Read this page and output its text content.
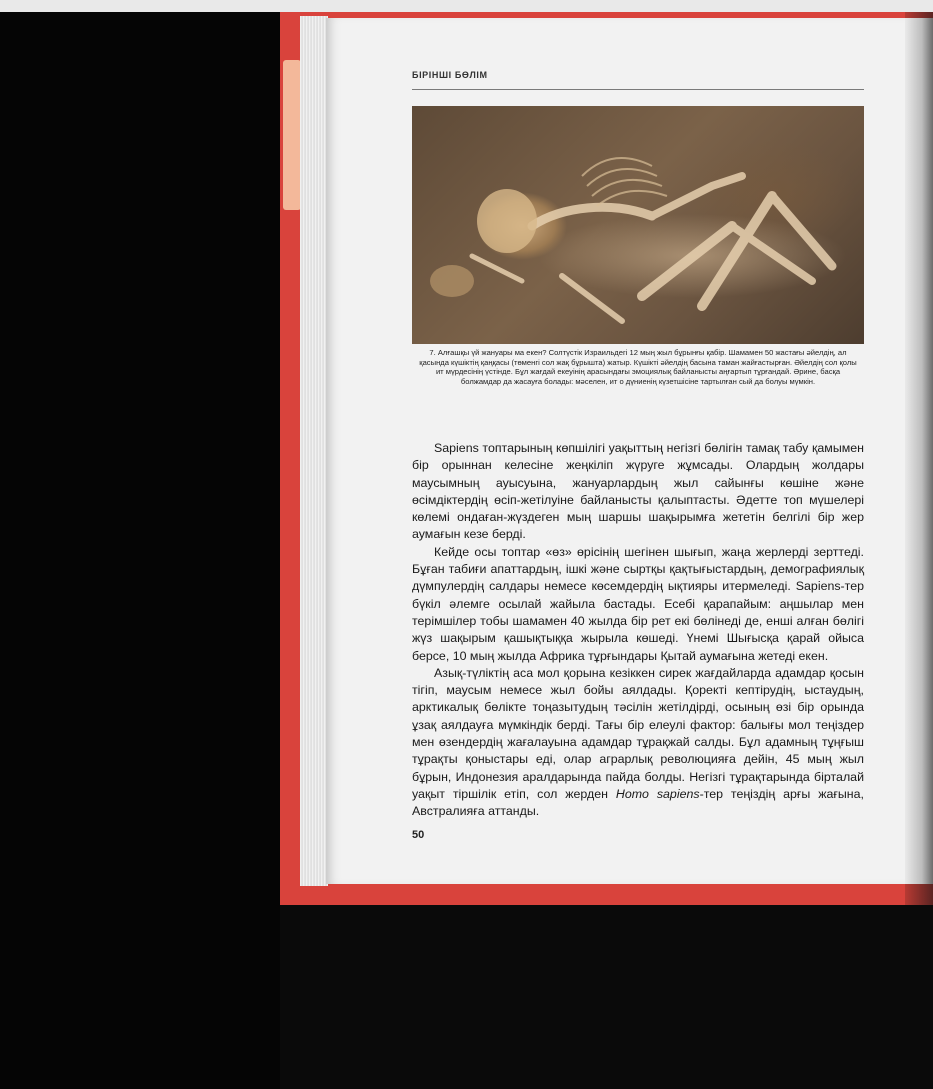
БІРІНШІ БӨЛІМ
7. Алғашқы үй жануары ма екен? Солтүстік Израильдегі 12 мың жыл бұрынғы қабір. Шамамен 50 жастағы әйелдің, ал қасында күшіктің қаңқасы (төменгі сол жақ бұрышта) жатыр. Күшікті әйелдің басына таман жайғастырған. Әйелдің сол қолы ит мүрдесінің үстінде. Бұл жағдай екеуінің арасындағы эмоциялық байланысты аңғартып тұрғандай. Әрине, басқа болжамдар да жасауға болады: мәселен, ит о дүниенің күзетшісіне тартылған сый да болуы мүмкін.

Sapiens топтарының көпшілігі уақыттың негізгі бөлігін тамақ табу қамымен бір орыннан келесіне жеңкіліп жүруге жұмсады. Олардың жолдары маусымның ауысуына, жануарлардың жыл сайынғы көшіне және өсімдіктердің өсіп-жетілуіне байланысты қалыптасты. Әдетте топ мүшелері көлемі ондаған-жүздеген мың шаршы шақырымға жететін белгілі бір жер аумағын кезе берді.

Кейде осы топтар «өз» өрісінің шегінен шығып, жаңа жерлерді зерттеді. Бұған табиғи апаттардың, ішкі және сыртқы қақтығыстардың, демографиялық дүмпулердің салдары немесе көсемдердің ықтияры итермеледі. Sapiens-тер бүкіл әлемге осылай жайыла бастады. Есебі қарапайым: аңшылар мен терімшілер тобы шамамен 40 жылда бір рет екі бөлінеді де, енші алған бөлігі жүз шақырым қашықтыққа жырыла көшеді. Үнемі Шығысқа қарай ойыса берсе, 10 мың жылда Африка тұрғындары Қытай аумағына жетеді екен.

Азық-түліктің аса мол қорына кезіккен сирек жағдайларда адамдар қосын тігіп, маусым немесе жыл бойы аялдады. Қоректі кептірудің, ыстаудың, арктикалық бөлікте тоңазытудың тәсілін жетілдірді, осының өзі бір орында ұзақ аялдауға мүмкіндік берді. Тағы бір елеулі фактор: балығы мол теңіздер мен өзендердің жағалауына адамдар тұрақжай салды. Бұл адамның тұңғыш тұрақты қоныстары еді, олар аграрлық революцияға дейін, 45 мың жыл бұрын, Индонезия аралдарында пайда болды. Негізгі тұрақтарында бірталай уақыт тіршілік етіп, сол жерден Homo sapiens-тер теңіздің арғы жағына, Австралияға аттанды.

50
